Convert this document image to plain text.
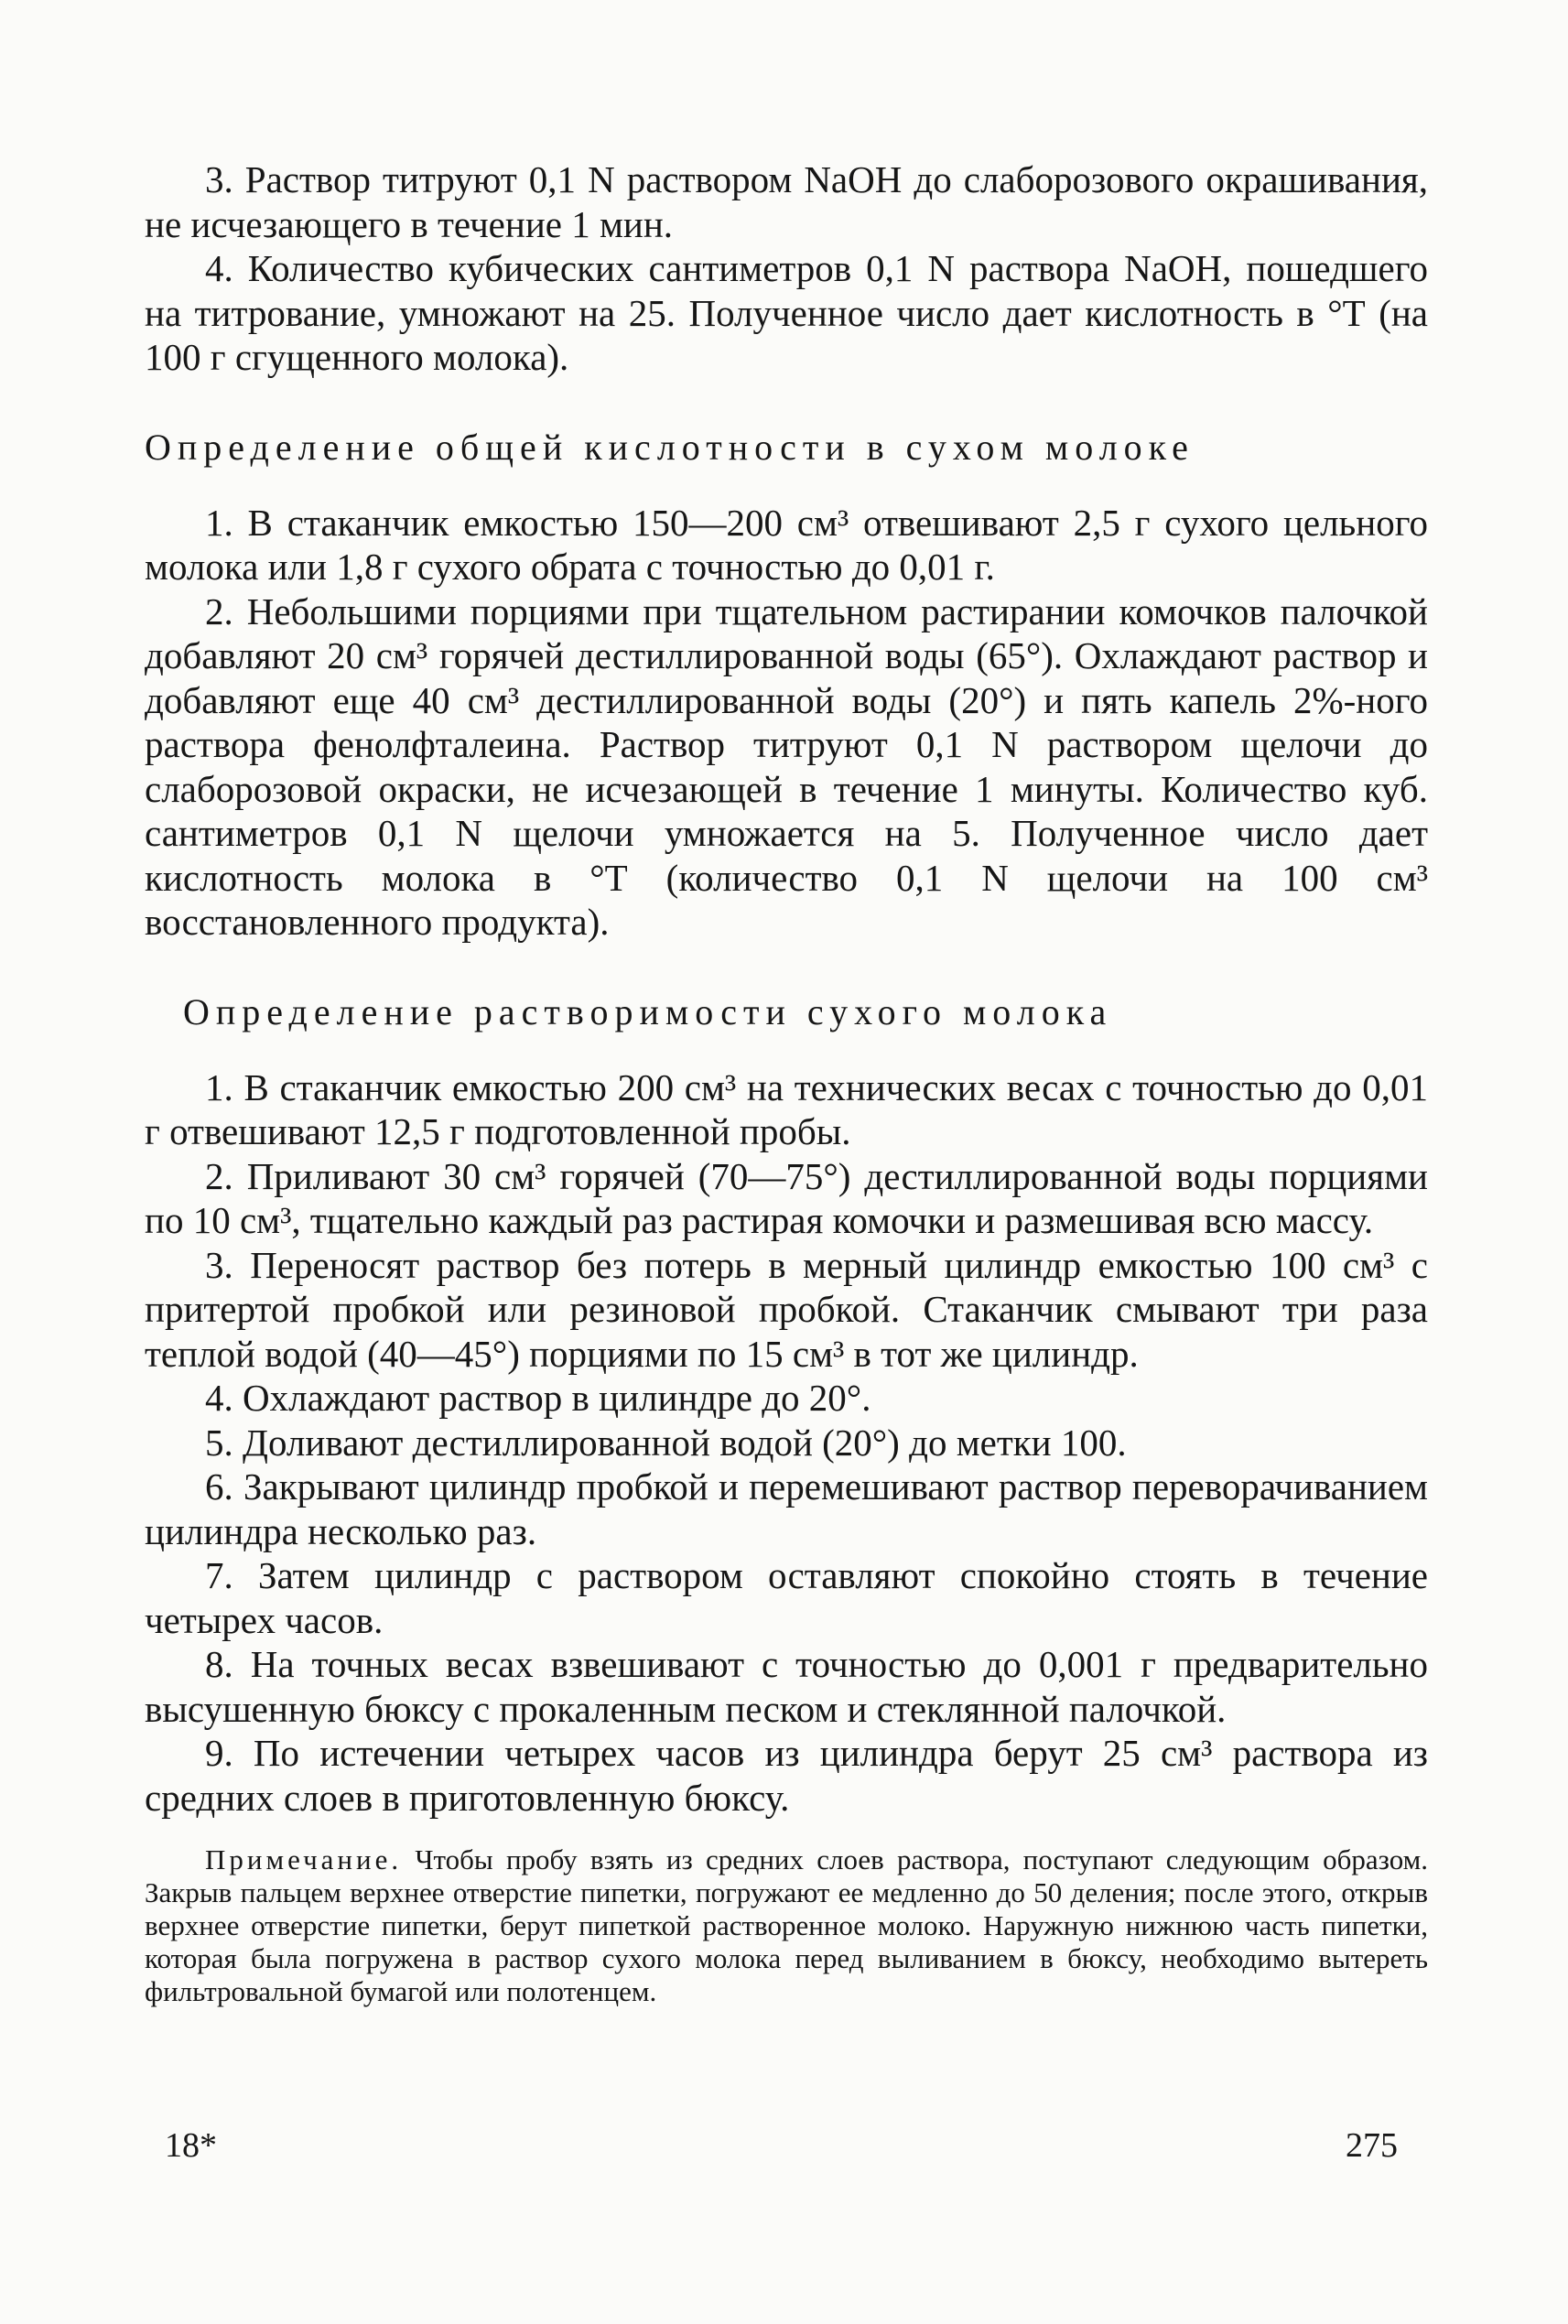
3. Раствор титруют 0,1 N раствором NaOH до слаборозового окрашивания, не исчезающего в течение 1 мин.

4. Количество кубических сантиметров 0,1 N раствора NaOH, пошедшего на титрование, умножают на 25. Полученное число дает кислотность в °Т (на 100 г сгущенного молока).

Определение общей кислотности в сухом молоке

1. В стаканчик емкостью 150—200 см³ отвешивают 2,5 г сухого цельного молока или 1,8 г сухого обрата с точностью до 0,01 г.

2. Небольшими порциями при тщательном растирании комочков палочкой добавляют 20 см³ горячей дестиллированной воды (65°). Охлаждают раствор и добавляют еще 40 см³ дестиллированной воды (20°) и пять капель 2%-ного раствора фенолфталеина. Раствор титруют 0,1 N раствором щелочи до слаборозовой окраски, не исчезающей в течение 1 минуты. Количество куб. сантиметров 0,1 N щелочи умножается на 5. Полученное число дает кислотность молока в °Т (количество 0,1 N щелочи на 100 см³ восстановленного продукта).

Определение растворимости сухого молока

1. В стаканчик емкостью 200 см³ на технических весах с точностью до 0,01 г отвешивают 12,5 г подготовленной пробы.

2. Приливают 30 см³ горячей (70—75°) дестиллированной воды порциями по 10 см³, тщательно каждый раз растирая комочки и размешивая всю массу.

3. Переносят раствор без потерь в мерный цилиндр емкостью 100 см³ с притертой пробкой или резиновой пробкой. Стаканчик смывают три раза теплой водой (40—45°) порциями по 15 см³ в тот же цилиндр.

4. Охлаждают раствор в цилиндре до 20°.

5. Доливают дестиллированной водой (20°) до метки 100.

6. Закрывают цилиндр пробкой и перемешивают раствор переворачиванием цилиндра несколько раз.

7. Затем цилиндр с раствором оставляют спокойно стоять в течение четырех часов.

8. На точных весах взвешивают с точностью до 0,001 г предварительно высушенную бюксу с прокаленным песком и стеклянной палочкой.

9. По истечении четырех часов из цилиндра берут 25 см³ раствора из средних слоев в приготовленную бюксу.

Примечание. Чтобы пробу взять из средних слоев раствора, поступают следующим образом. Закрыв пальцем верхнее отверстие пипетки, погружают ее медленно до 50 деления; после этого, открыв верхнее отверстие пипетки, берут пипеткой растворенное молоко. Наружную нижнюю часть пипетки, которая была погружена в раствор сухого молока перед выливанием в бюксу, необходимо вытереть фильтровальной бумагой или полотенцем.
18*	275
